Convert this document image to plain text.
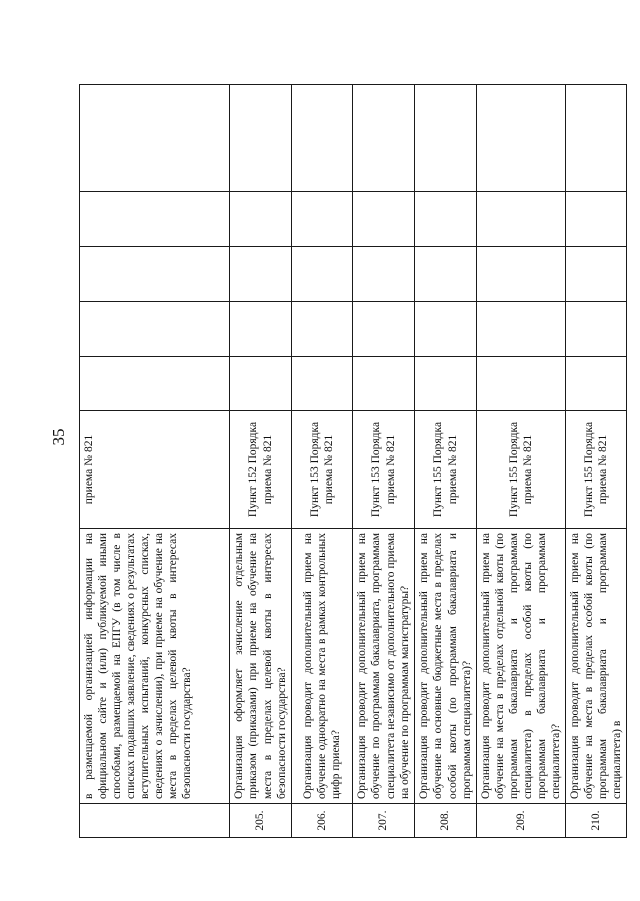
35
	в размещаемой организацией информации на официальном сайте и (или) публикуемой иными способами, размещаемой на ЕПГУ (в том числе в списках подавших заявление, сведениях о результатах вступительных испытаний, конкурсных списках, сведениях о зачислении), при приеме на обучение на места в пределах целевой квоты в интересах безопасности государства?	приема № 821					
205.	Организация оформляет зачисление отдельным приказом (приказами) при приеме на обучение на места в пределах целевой квоты в интересах безопасности государства?	Пункт 152 Порядка приема № 821					
206.	Организация проводит дополнительный прием на обучение однократно на места в рамках контрольных цифр приема?	Пункт 153 Порядка приема № 821					
207.	Организация проводит дополнительный прием на обучение по программам бакалавриата, программам специалитета независимо от дополнительного приема на обучение по программам магистратуры?	Пункт 153 Порядка приема № 821					
208.	Организация проводит дополнительный прием на обучение на основные бюджетные места в пределах особой квоты (по программам бакалавриата и программам специалитета)?	Пункт 155 Порядка приема № 821					
209.	Организация проводит дополнительный прием на обучение на места в пределах отдельной квоты (по программам бакалавриата и программам специалитета) в пределах особой квоты (по программам бакалавриата и программам специалитета)?	Пункт 155 Порядка приема № 821					
210.	Организация проводит дополнительный прием на обучение на места в пределах особой квоты (по программам бакалавриата и программам специалитета) в	Пункт 155 Порядка приема № 821					
